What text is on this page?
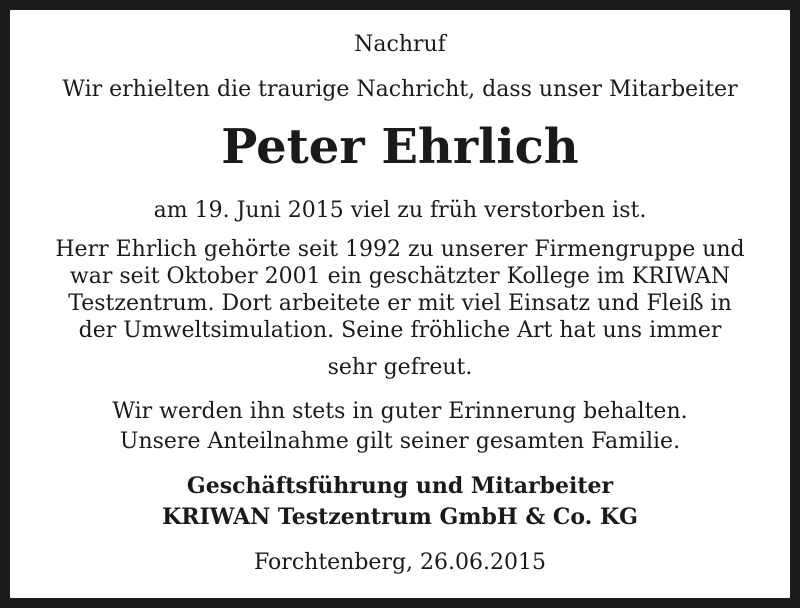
Nachruf
Wir erhielten die traurige Nachricht, dass unser Mitarbeiter
Peter Ehrlich
am 19. Juni 2015 viel zu früh verstorben ist.
Herr Ehrlich gehörte seit 1992 zu unserer Firmengruppe und
war seit Oktober 2001 ein geschätzter Kollege im KRIWAN
Testzentrum. Dort arbeitete er mit viel Einsatz und Fleiß in
der Umweltsimulation. Seine fröhliche Art hat uns immer
sehr gefreut.
Wir werden ihn stets in guter Erinnerung behalten.
Unsere Anteilnahme gilt seiner gesamten Familie.
Geschäftsführung und Mitarbeiter
KRIWAN Testzentrum GmbH & Co. KG
Forchtenberg, 26.06.2015
